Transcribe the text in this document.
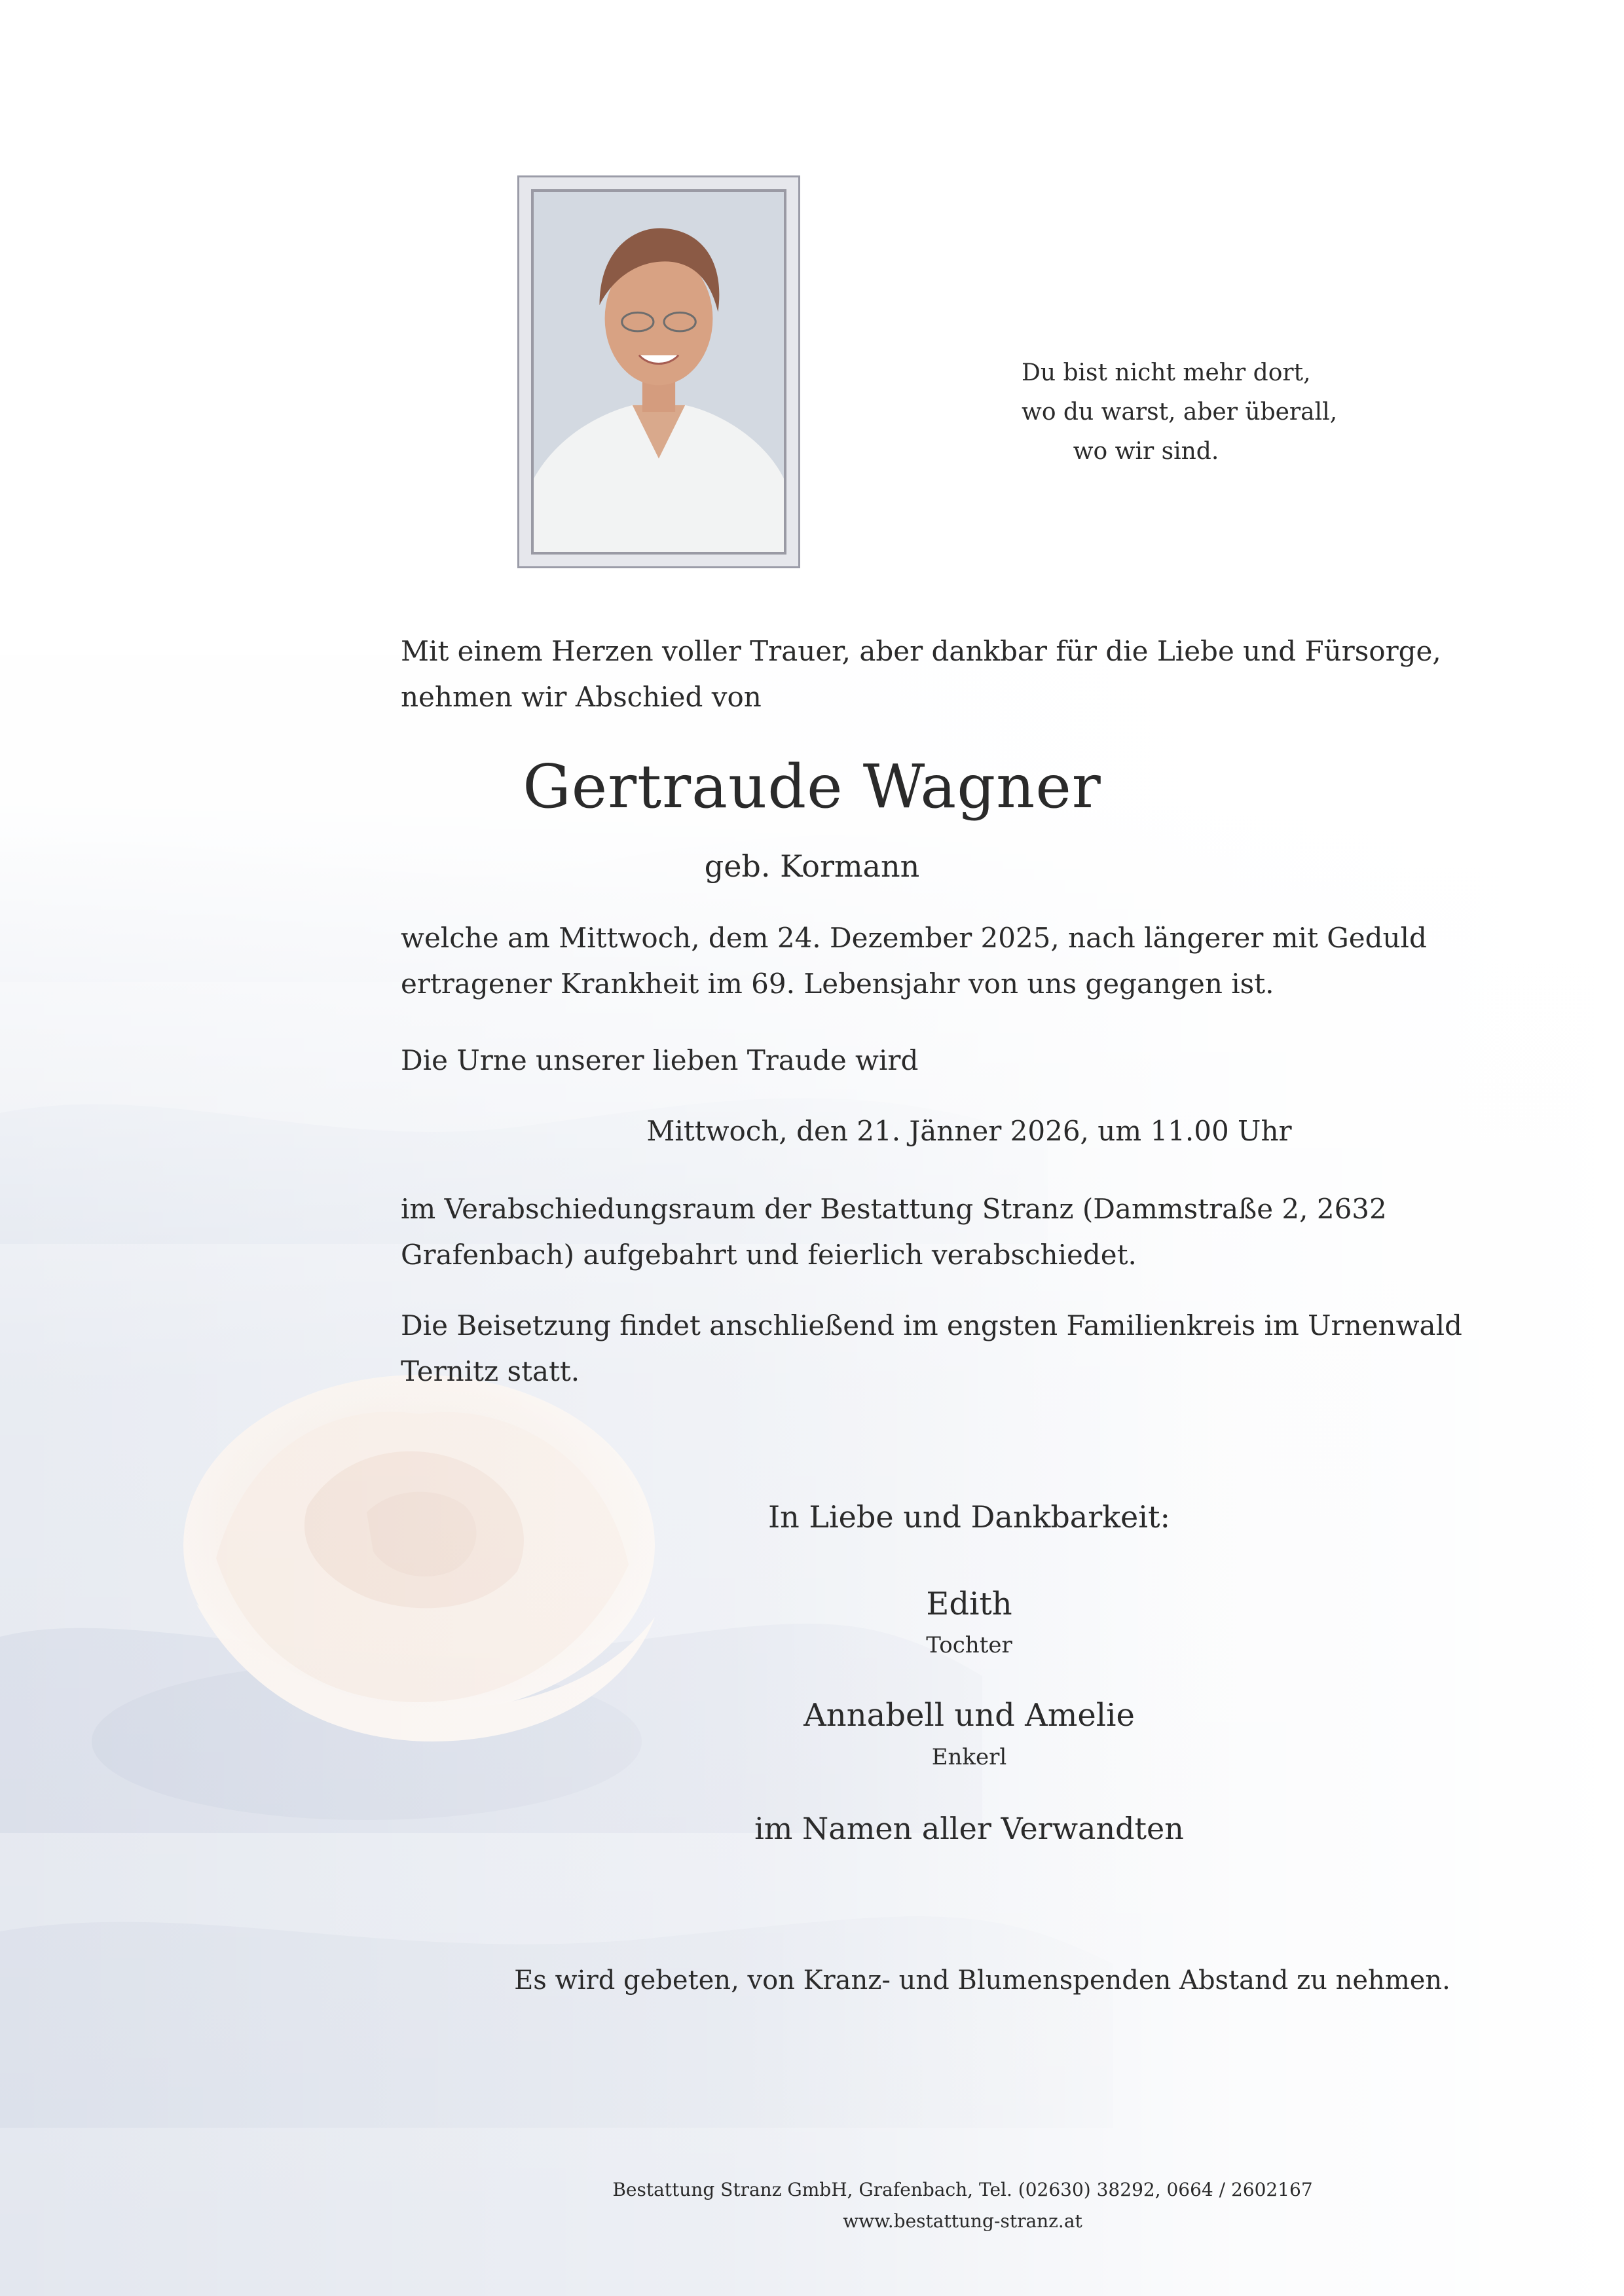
Du bist nicht mehr dort,
wo du warst, aber überall,
wo wir sind.
Mit einem Herzen voller Trauer, aber dankbar für die Liebe und Fürsorge,
nehmen wir Abschied von
Gertraude Wagner
geb. Kormann
welche am Mittwoch, dem 24. Dezember 2025, nach längerer mit Geduld
ertragener Krankheit im 69. Lebensjahr von uns gegangen ist.
Die Urne unserer lieben Traude wird
Mittwoch, den 21. Jänner 2026, um 11.00 Uhr
im Verabschiedungsraum der Bestattung Stranz (Dammstraße 2, 2632
Grafenbach) aufgebahrt und feierlich verabschiedet.
Die Beisetzung findet anschließend im engsten Familienkreis im Urnenwald
Ternitz statt.
In Liebe und Dankbarkeit:
Edith
Tochter
Annabell und Amelie
Enkerl
im Namen aller Verwandten
Es wird gebeten, von Kranz- und Blumenspenden Abstand zu nehmen.
Bestattung Stranz GmbH, Grafenbach, Tel. (02630) 38292, 0664 / 2602167
www.bestattung-stranz.at
